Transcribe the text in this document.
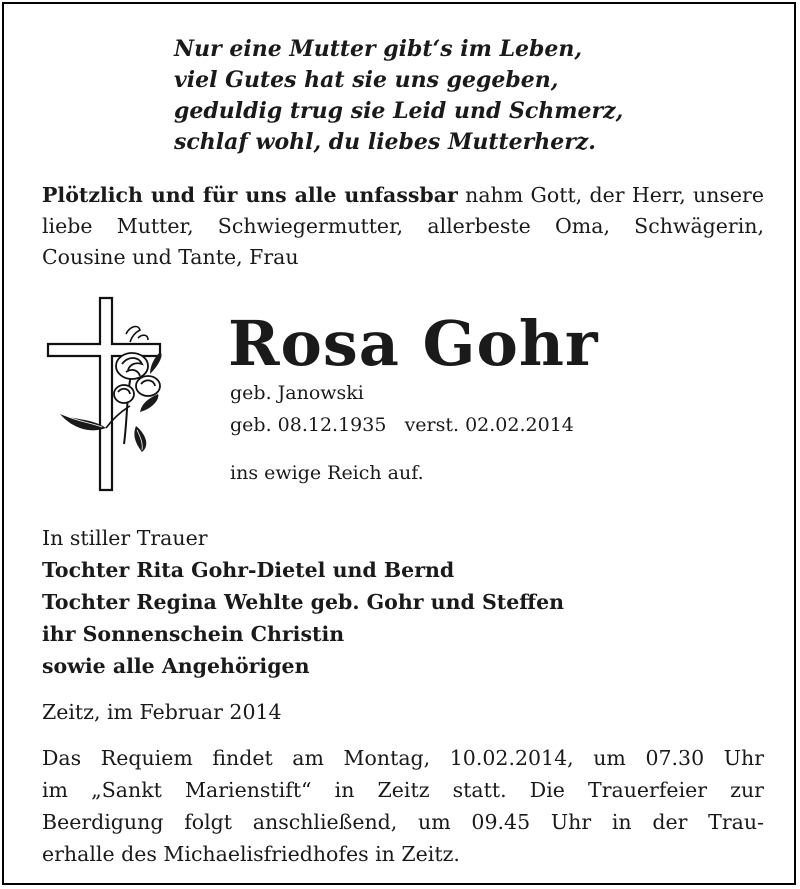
Nur eine Mutter gibt‘s im Leben,
viel Gutes hat sie uns gegeben,
geduldig trug sie Leid und Schmerz,
schlaf wohl, du liebes Mutterherz.
Plötzlich und für uns alle unfassbar nahm Gott, der Herr, unsere liebe Mutter, Schwiegermutter, allerbeste Oma, Schwägerin, Cousine und Tante, Frau
Rosa Gohr
geb. Janowski
geb. 08.12.1935 verst. 02.02.2014
ins ewige Reich auf.
In stiller Trauer
Tochter Rita Gohr-Dietel und Bernd
Tochter Regina Wehlte geb. Gohr und Steffen
ihr Sonnenschein Christin
sowie alle Angehörigen
Zeitz, im Februar 2014
Das Requiem findet am Montag, 10.02.2014, um 07.30 Uhr
im „Sankt Marienstift“ in Zeitz statt. Die Trauerfeier zur
Beerdigung folgt anschließend, um 09.45 Uhr in der Trau-
erhalle des Michaelisfriedhofes in Zeitz.
